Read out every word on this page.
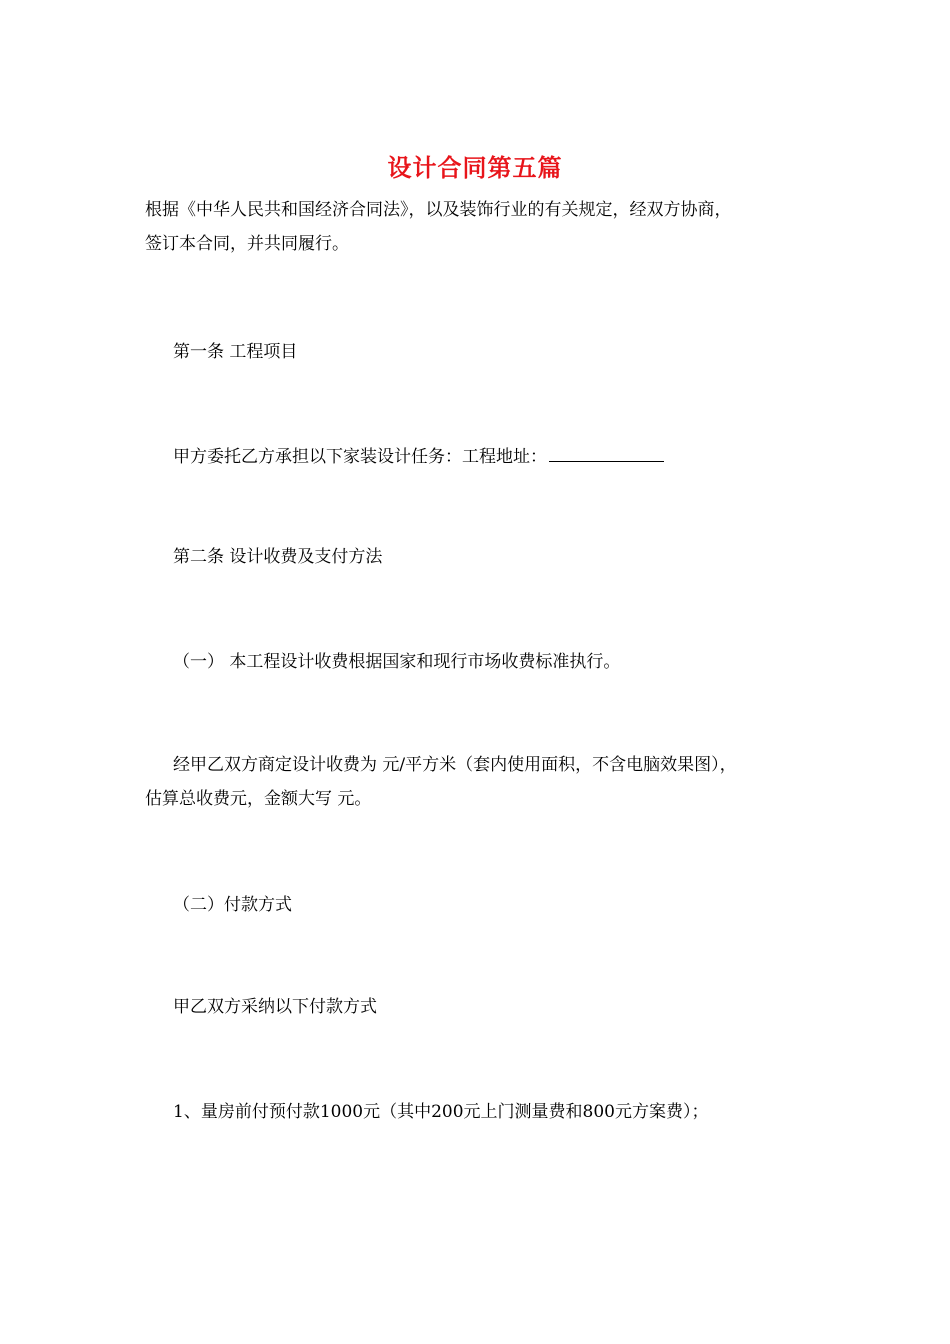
设计合同第五篇
根据《中华人民共和国经济合同法》，以及装饰行业的有关规定，经双方协商，
签订本合同，并共同履行。
第一条 工程项目
甲方委托乙方承担以下家装设计任务：工程地址：
第二条 设计收费及支付方法
（一） 本工程设计收费根据国家和现行市场收费标准执行。
经甲乙双方商定设计收费为 元/平方米（套内使用面积，不含电脑效果图），
估算总收费元，金额大写 元。
（二）付款方式
甲乙双方采纳以下付款方式
1、量房前付预付款1000元（其中200元上门测量费和800元方案费）；
